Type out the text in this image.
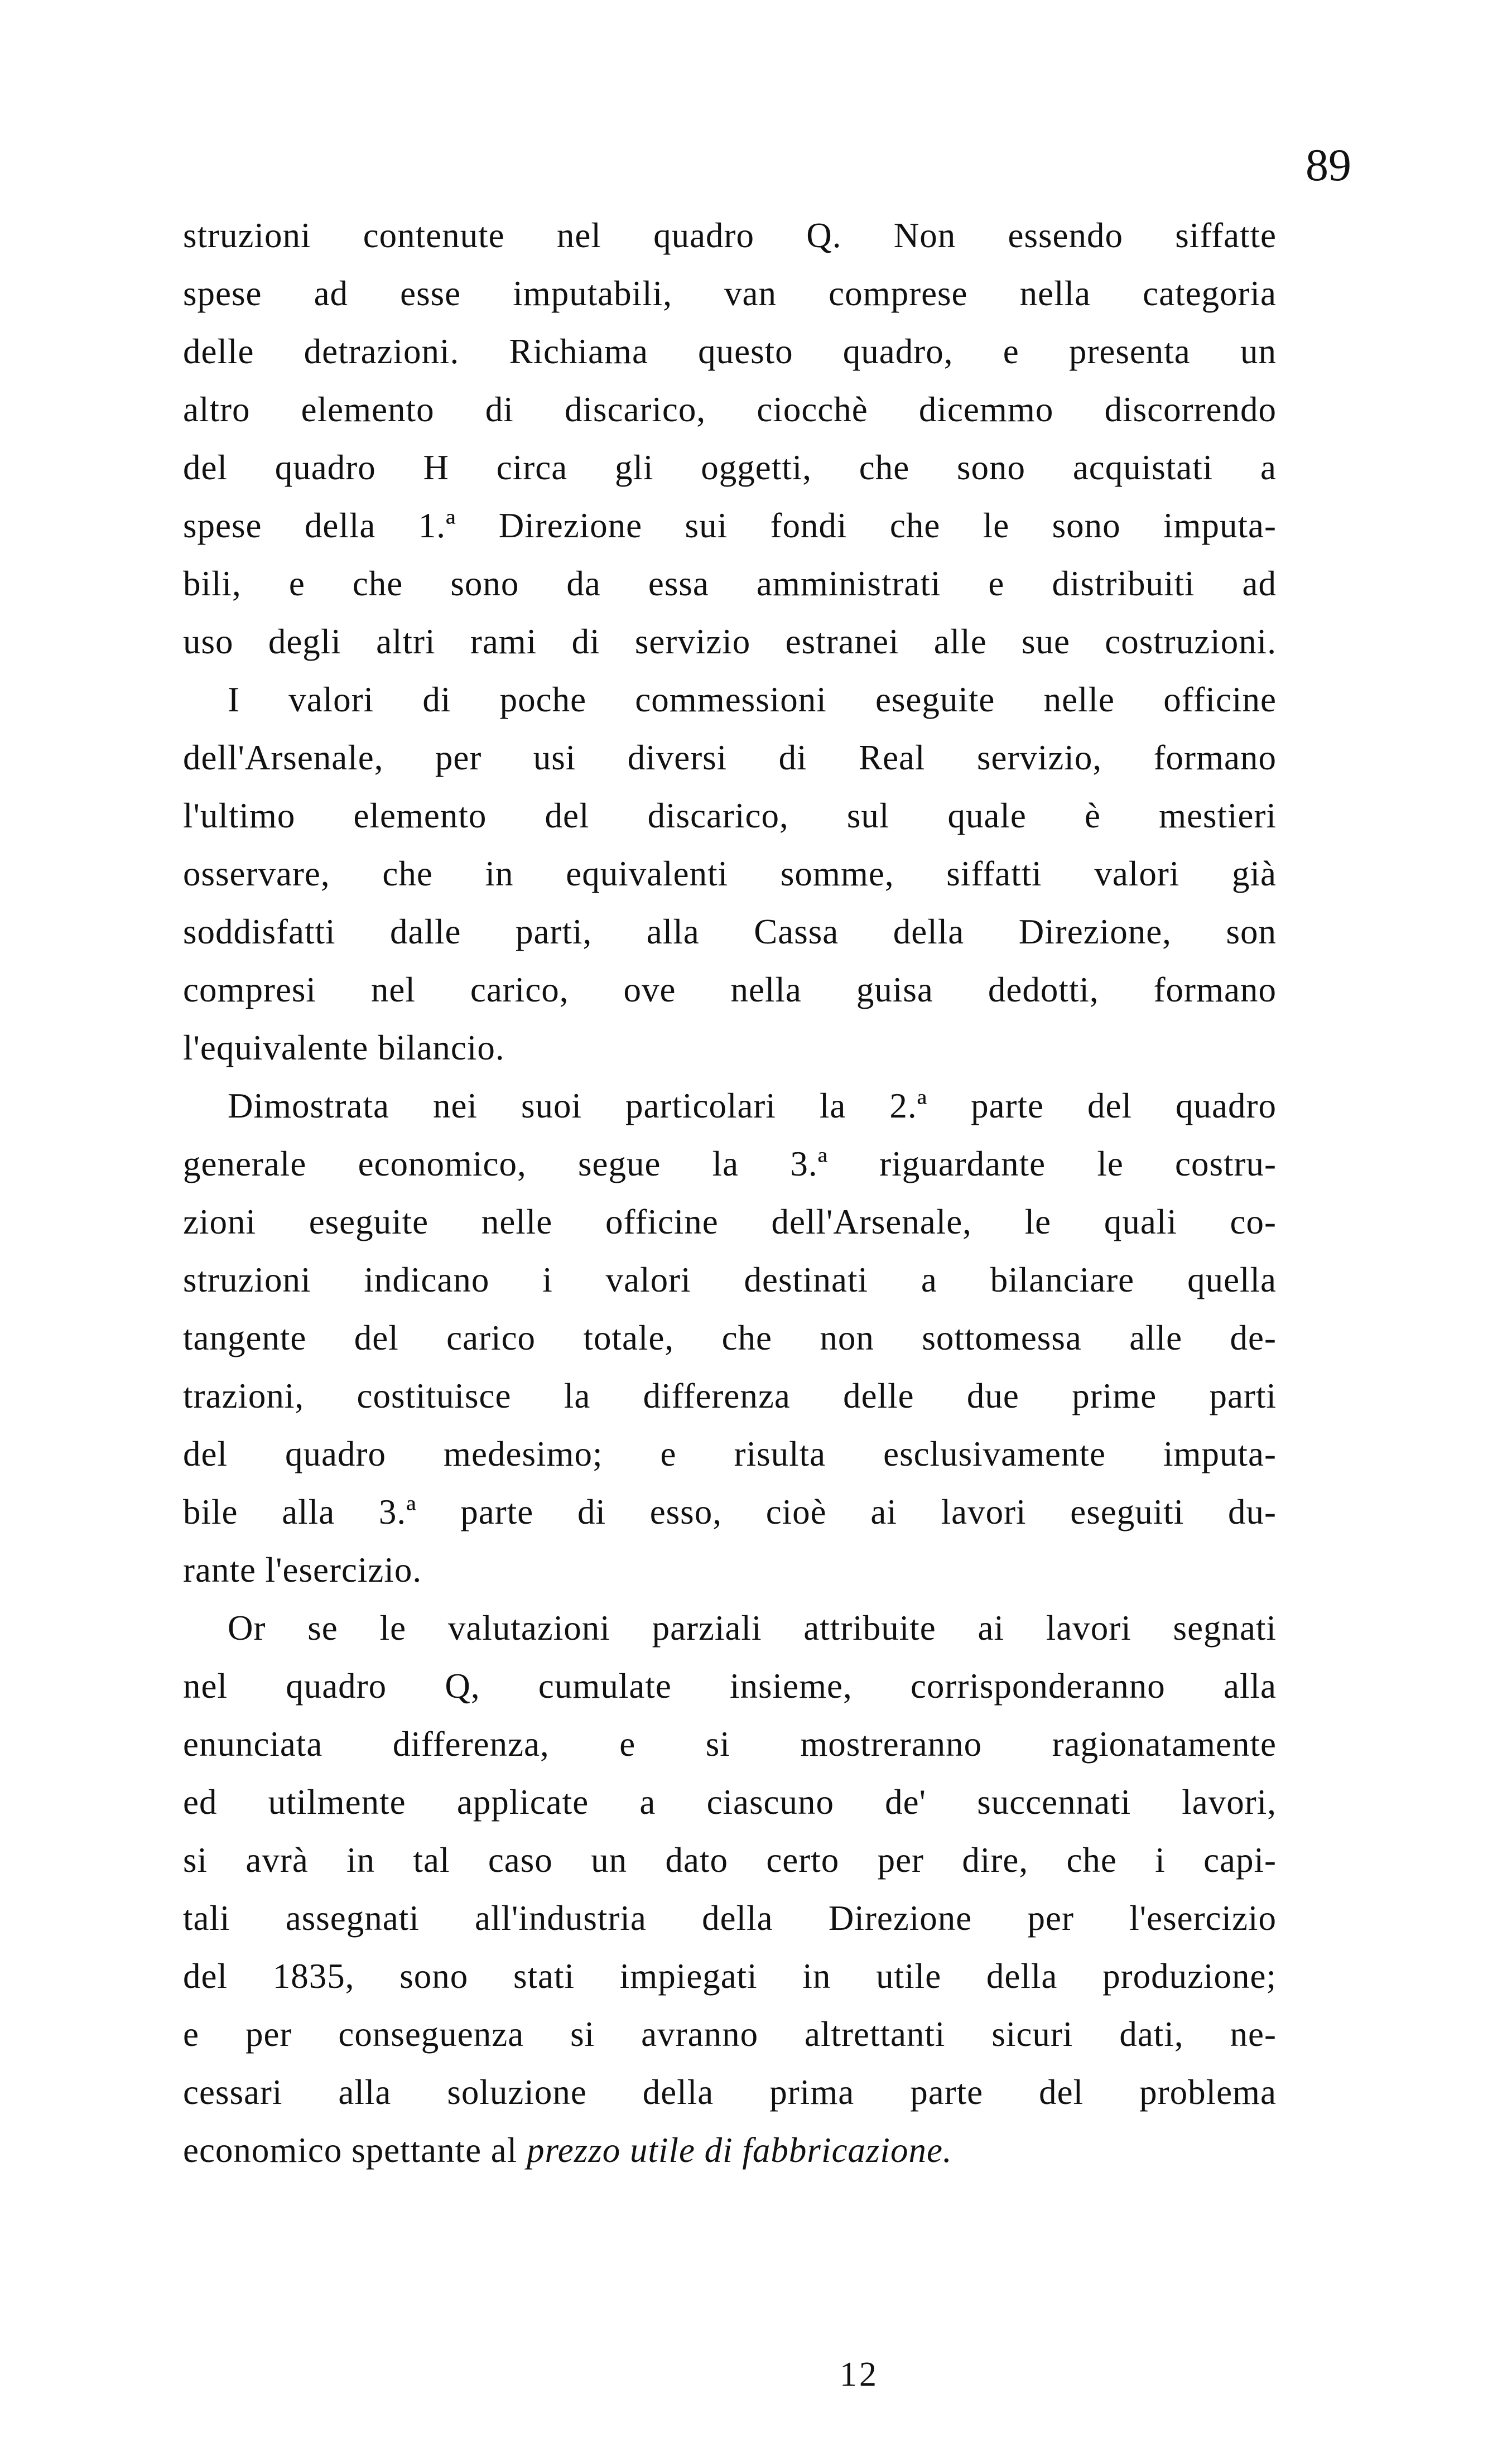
89
struzioni contenute nel quadro Q. Non essendo siffatte
spese ad esse imputabili, van comprese nella categoria
delle detrazioni. Richiama questo quadro, e presenta un
altro elemento di discarico, ciocchè dicemmo discorrendo
del quadro H circa gli oggetti, che sono acquistati a
spese della 1.ª Direzione sui fondi che le sono imputa-
bili, e che sono da essa amministrati e distribuiti ad
uso degli altri rami di servizio estranei alle sue costruzioni.
I valori di poche commessioni eseguite nelle officine
dell'Arsenale, per usi diversi di Real servizio, formano
l'ultimo elemento del discarico, sul quale è mestieri
osservare, che in equivalenti somme, siffatti valori già
soddisfatti dalle parti, alla Cassa della Direzione, son
compresi nel carico, ove nella guisa dedotti, formano
l'equivalente bilancio.
Dimostrata nei suoi particolari la 2.ª parte del quadro
generale economico, segue la 3.ª riguardante le costru-
zioni eseguite nelle officine dell'Arsenale, le quali co-
struzioni indicano i valori destinati a bilanciare quella
tangente del carico totale, che non sottomessa alle de-
trazioni, costituisce la differenza delle due prime parti
del quadro medesimo; e risulta esclusivamente imputa-
bile alla 3.ª parte di esso, cioè ai lavori eseguiti du-
rante l'esercizio.
Or se le valutazioni parziali attribuite ai lavori segnati
nel quadro Q, cumulate insieme, corrisponderanno alla
enunciata differenza, e si mostreranno ragionatamente
ed utilmente applicate a ciascuno de' succennati lavori,
si avrà in tal caso un dato certo per dire, che i capi-
tali assegnati all'industria della Direzione per l'esercizio
del 1835, sono stati impiegati in utile della produzione;
e per conseguenza si avranno altrettanti sicuri dati, ne-
cessari alla soluzione della prima parte del problema
economico spettante al prezzo utile di fabbricazione.
12
